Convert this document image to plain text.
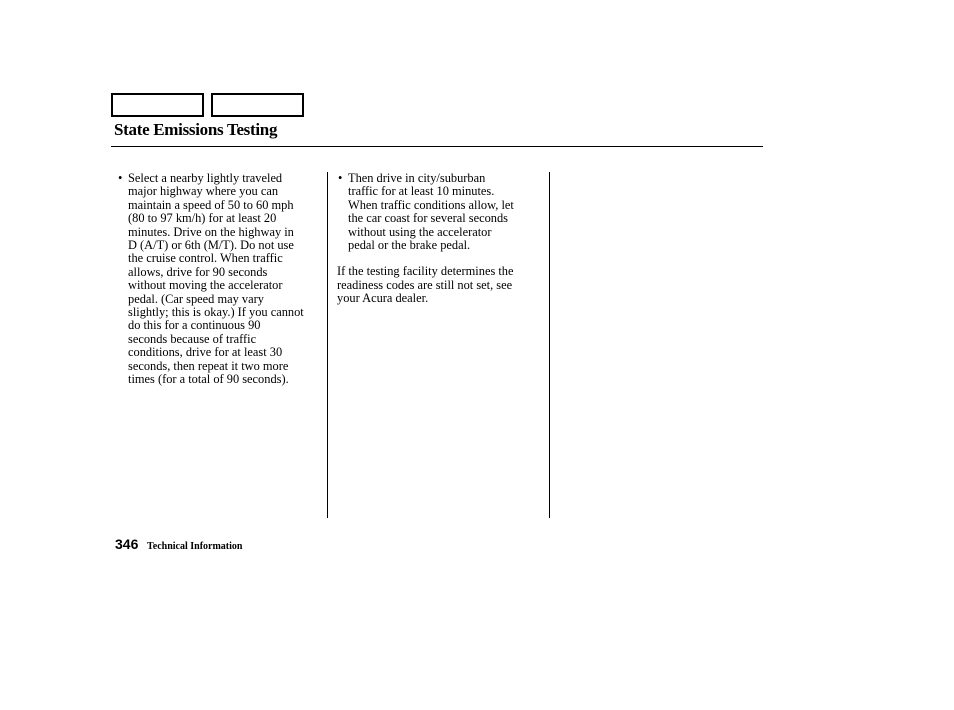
State Emissions Testing
• Select a nearby lightly traveled
major highway where you can
maintain a speed of 50 to 60 mph
(80 to 97 km/h) for at least 20
minutes. Drive on the highway in
D (A/T) or 6th (M/T). Do not use
the cruise control. When traffic
allows, drive for 90 seconds
without moving the accelerator
pedal. (Car speed may vary
slightly; this is okay.) If you cannot
do this for a continuous 90
seconds because of traffic
conditions, drive for at least 30
seconds, then repeat it two more
times (for a total of 90 seconds).
• Then drive in city/suburban
traffic for at least 10 minutes.
When traffic conditions allow, let
the car coast for several seconds
without using the accelerator
pedal or the brake pedal.
If the testing facility determines the
readiness codes are still not set, see
your Acura dealer.
346 Technical Information
